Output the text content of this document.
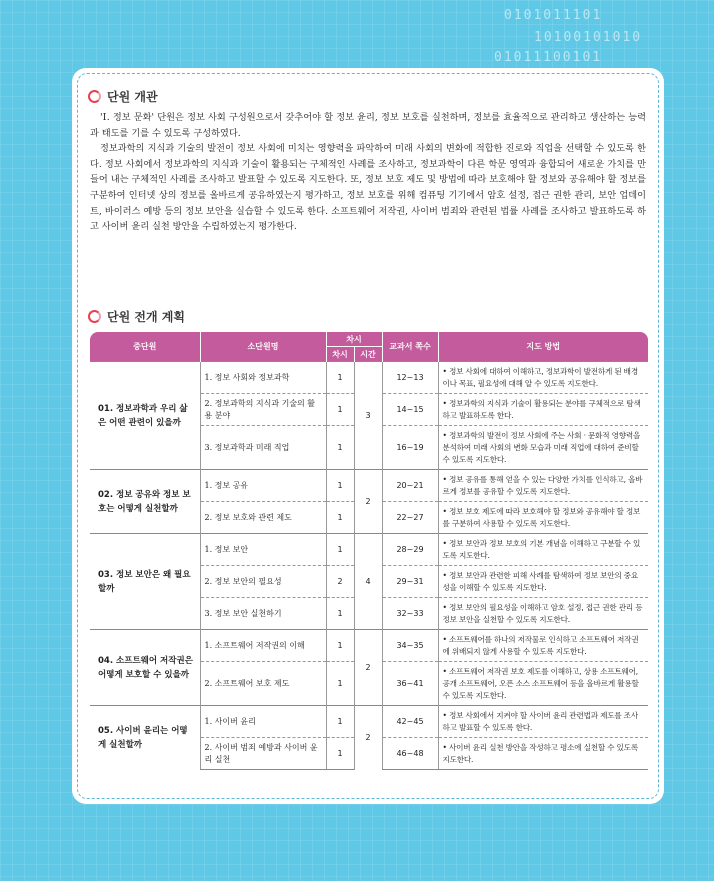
0101011101
10100101010
01011100101
단원 개관

'Ⅰ. 정보 문화' 단원은 정보 사회 구성원으로서 갖추어야 할 정보 윤리, 정보 보호를 실천하며, 정보를 효율적으로 관리하고 생산하는 능력과 태도를 기를 수 있도록 구성하였다.

정보과학의 지식과 기술의 발전이 정보 사회에 미치는 영향력을 파악하여 미래 사회의 변화에 적합한 진로와 직업을 선택할 수 있도록 한다. 정보 사회에서 정보과학의 지식과 기술이 활용되는 구체적인 사례를 조사하고, 정보과학이 다른 학문 영역과 융합되어 새로운 가치를 만들어 내는 구체적인 사례를 조사하고 발표할 수 있도록 지도한다. 또, 정보 보호 제도 및 방법에 따라 보호해야 할 정보와 공유해야 할 정보를 구분하여 인터넷 상의 정보를 올바르게 공유하였는지 평가하고, 정보 보호를 위해 컴퓨팅 기기에서 암호 설정, 접근 권한 관리, 보안 업데이트, 바이러스 예방 등의 정보 보안을 실습할 수 있도록 한다. 소프트웨어 저작권, 사이버 범죄와 관련된 법률 사례를 조사하고 발표하도록 하고 사이버 윤리 실천 방안을 수립하였는지 평가한다.

단원 전개 계획
중단원	소단원명	차시		교과서 쪽수	지도 방법
		차시	시간		
01. 정보과학과 우리 삶은 어떤 관련이 있을까	1. 정보 사회와 정보과학	1	3	12~13	• 정보 사회에 대하여 이해하고, 정보과학이 발전하게 된 배경이나 목표, 필요성에 대해 알 수 있도록 지도한다.
	2. 정보과학의 지식과 기술의 활용 분야	1		14~15	• 정보과학의 지식과 기술이 활용되는 분야를 구체적으로 탐색하고 발표하도록 한다.
	3. 정보과학과 미래 직업	1		16~19	• 정보과학의 발전이 정보 사회에 주는 사회 · 문화적 영향력을 분석하여 미래 사회의 변화 모습과 미래 직업에 대하여 준비할 수 있도록 지도한다.
02. 정보 공유와 정보 보호는 어떻게 실천할까	1. 정보 공유	1	2	20~21	• 정보 공유를 통해 얻을 수 있는 다양한 가치를 인식하고, 올바르게 정보를 공유할 수 있도록 지도한다.
	2. 정보 보호와 관련 제도	1		22~27	• 정보 보호 제도에 따라 보호해야 할 정보와 공유해야 할 정보를 구분하여 사용할 수 있도록 지도한다.
03. 정보 보안은 왜 필요할까	1. 정보 보안	1	4	28~29	• 정보 보안과 정보 보호의 기본 개념을 이해하고 구분할 수 있도록 지도한다.
	2. 정보 보안의 필요성	2		29~31	• 정보 보안과 관련한 피해 사례를 탐색하여 정보 보안의 중요성을 이해할 수 있도록 지도한다.
	3. 정보 보안 실천하기	1		32~33	• 정보 보안의 필요성을 이해하고 암호 설정, 접근 권한 관리 등 정보 보안을 실천할 수 있도록 지도한다.
04. 소프트웨어 저작권은 어떻게 보호할 수 있을까	1. 소프트웨어 저작권의 이해	1	2	34~35	• 소프트웨어를 하나의 저작물로 인식하고 소프트웨어 저작권에 위배되지 않게 사용할 수 있도록 지도한다.
	2. 소프트웨어 보호 제도	1		36~41	• 소프트웨어 저작권 보호 제도를 이해하고, 상용 소프트웨어, 공개 소프트웨어, 오픈 소스 소프트웨어 등을 올바르게 활용할 수 있도록 지도한다.
05. 사이버 윤리는 어떻게 실천할까	1. 사이버 윤리	1	2	42~45	• 정보 사회에서 지켜야 할 사이버 윤리 관련법과 제도를 조사하고 발표할 수 있도록 한다.
	2. 사이버 범죄 예방과 사이버 윤리 실천	1		46~48	• 사이버 윤리 실천 방안을 작성하고 평소에 실천할 수 있도록 지도한다.
